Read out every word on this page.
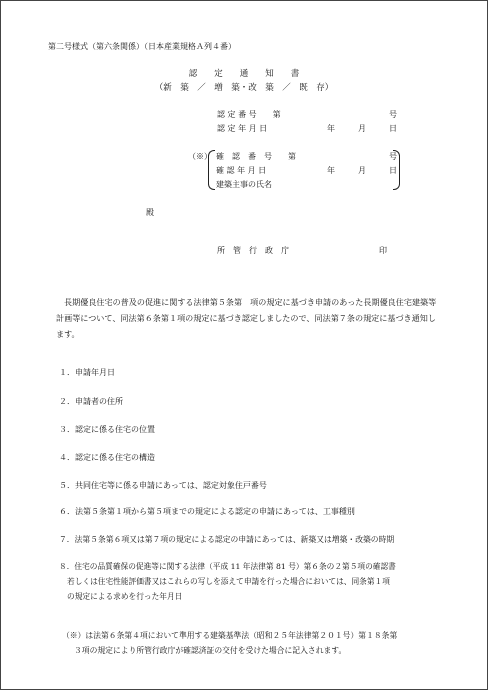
第二号様式（第六条関係）（日本産業規格Ａ列４番）
認　　定　　通　　知　　書
（新　築　／　増　築・改　築　／　既　存）
認 定 番 号　　第	号
認 定 年 月 日	年	月	日
（※） 確　認　番　号　　第	号
確 認 年 月 日	年	月	日
建築主事の氏名
殿
所　管　行　政　庁	印
長期優良住宅の普及の促進に関する法律第５条第　項の規定に基づき申請のあった長期優良住宅建築等計画等について、同法第６条第１項の規定に基づき認定しましたので、同法第７条の規定に基づき通知します。
１．申請年月日
２．申請者の住所
３．認定に係る住宅の位置
４．認定に係る住宅の構造
５．共同住宅等に係る申請にあっては、認定対象住戸番号
６．法第５条第１項から第５項までの規定による認定の申請にあっては、工事種別
７．法第５条第６項又は第７項の規定による認定の申請にあっては、新築又は増築・改築の時期
８．住宅の品質確保の促進等に関する法律（平成 11 年法律第 81 号）第６条の２第５項の確認書
若しくは住宅性能評価書又はこれらの写しを添えて申請を行った場合においては、同条第１項
の規定による求めを行った年月日
（※）は法第６条第４項において準用する建築基準法（昭和２５年法律第２０１号）第１８条第
３項の規定により所管行政庁が確認済証の交付を受けた場合に記入されます。
